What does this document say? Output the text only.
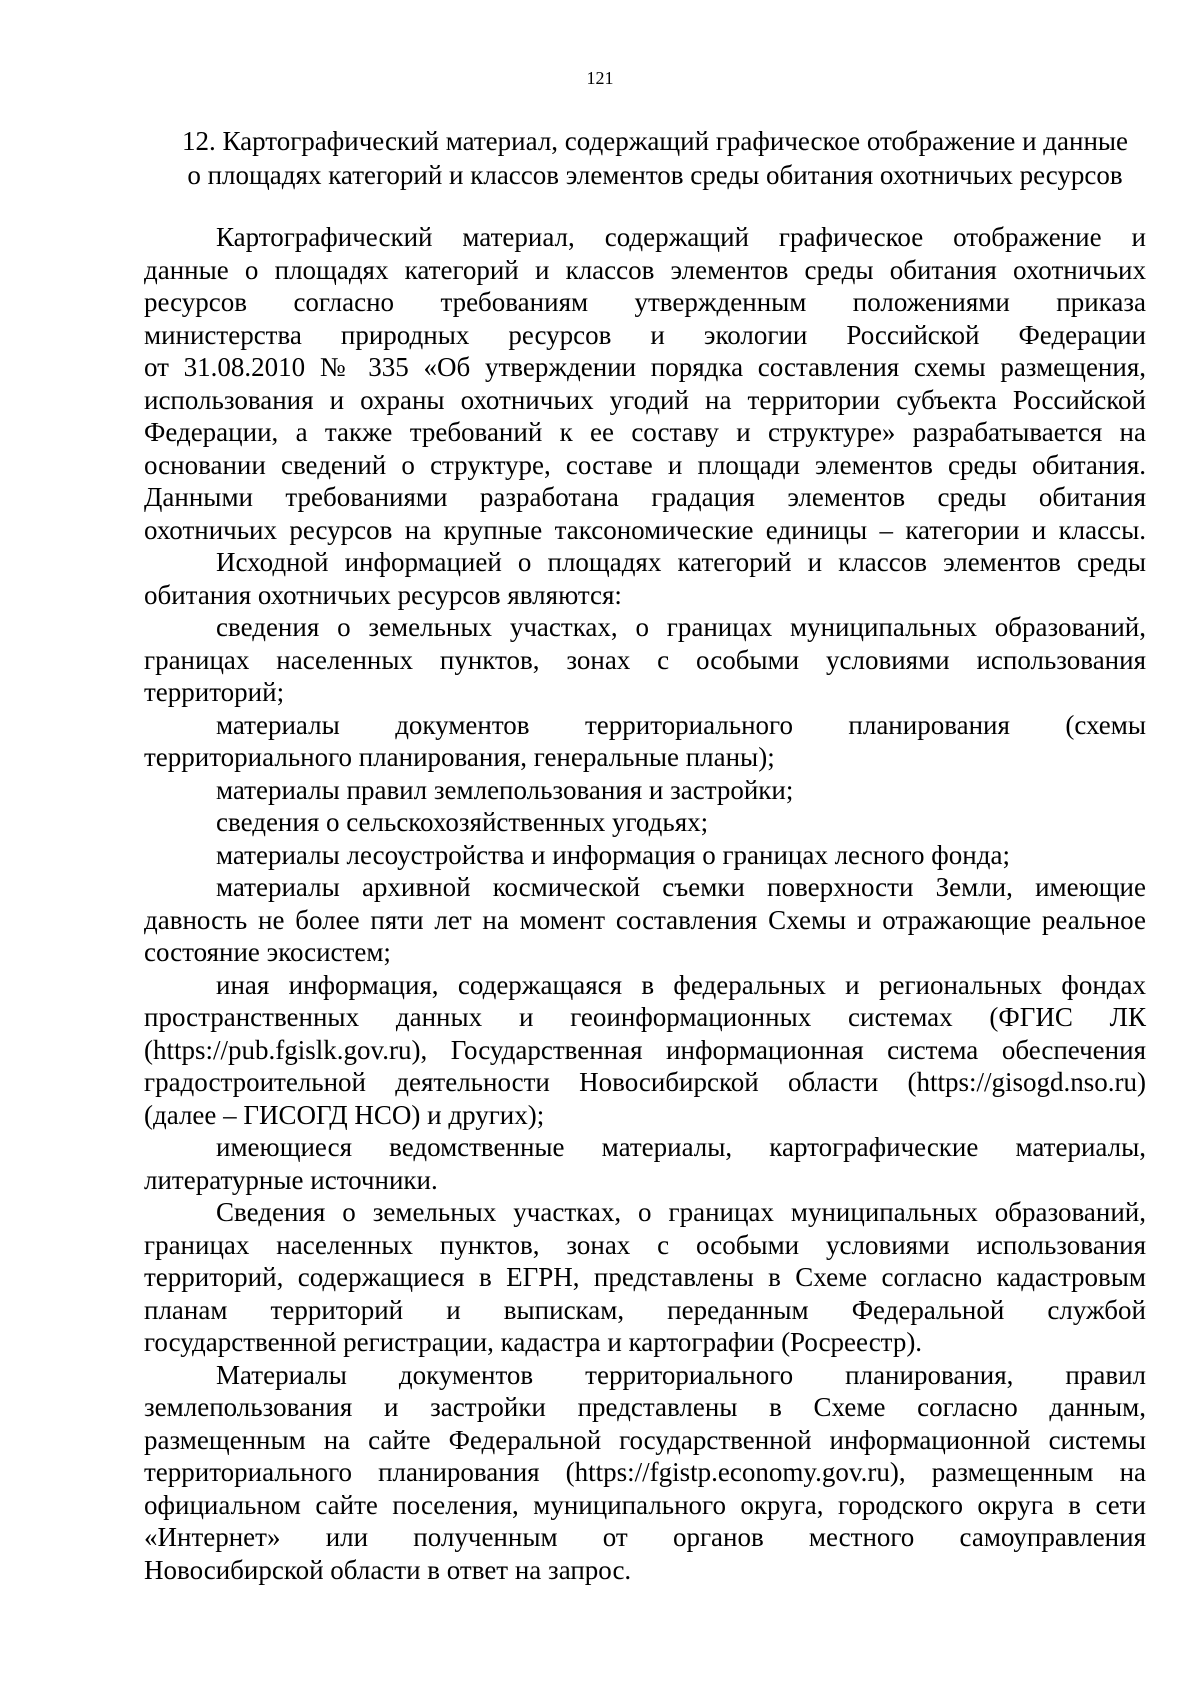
121
12. Картографический материал, содержащий графическое отображение и данные
о площадях категорий и классов элементов среды обитания охотничьих ресурсов
Картографический материал, содержащий графическое отображение и
данные о площадях категорий и классов элементов среды обитания охотничьих
ресурсов согласно требованиям утвержденным положениями приказа
министерства природных ресурсов и экологии Российской Федерации
от 31.08.2010 № 335 «Об утверждении порядка составления схемы размещения,
использования и охраны охотничьих угодий на территории субъекта Российской
Федерации, а также требований к ее составу и структуре» разрабатывается на
основании сведений о структуре, составе и площади элементов среды обитания.
Данными требованиями разработана градация элементов среды обитания
охотничьих ресурсов на крупные таксономические единицы – категории и классы.
Исходной информацией о площадях категорий и классов элементов среды
обитания охотничьих ресурсов являются:
сведения о земельных участках, о границах муниципальных образований,
границах населенных пунктов, зонах с особыми условиями использования
территорий;
материалы документов территориального планирования (схемы
территориального планирования, генеральные планы);
материалы правил землепользования и застройки;
сведения о сельскохозяйственных угодьях;
материалы лесоустройства и информация о границах лесного фонда;
материалы архивной космической съемки поверхности Земли, имеющие
давность не более пяти лет на момент составления Схемы и отражающие реальное
состояние экосистем;
иная информация, содержащаяся в федеральных и региональных фондах
пространственных данных и геоинформационных системах (ФГИС ЛК
(https://pub.fgislk.gov.ru), Государственная информационная система обеспечения
градостроительной деятельности Новосибирской области (https://gisogd.nso.ru)
(далее – ГИСОГД НСО) и других);
имеющиеся ведомственные материалы, картографические материалы,
литературные источники.
Сведения о земельных участках, о границах муниципальных образований,
границах населенных пунктов, зонах с особыми условиями использования
территорий, содержащиеся в ЕГРН, представлены в Схеме согласно кадастровым
планам территорий и выпискам, переданным Федеральной службой
государственной регистрации, кадастра и картографии (Росреестр).
Материалы документов территориального планирования, правил
землепользования и застройки представлены в Схеме согласно данным,
размещенным на сайте Федеральной государственной информационной системы
территориального планирования (https://fgistp.economy.gov.ru), размещенным на
официальном сайте поселения, муниципального округа, городского округа в сети
«Интернет» или полученным от органов местного самоуправления
Новосибирской области в ответ на запрос.
